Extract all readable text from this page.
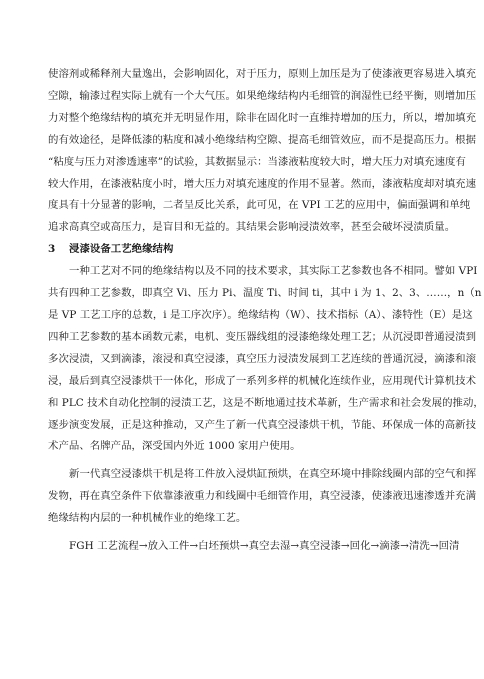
使溶剂或稀释剂大量逸出，会影响固化，对于压力，原则上加压是为了使漆液更容易进入填充
空隙，输漆过程实际上就有一个大气压。如果绝缘结构内毛细管的润湿性已经平衡，则增加压
力对整个绝缘结构的填充并无明显作用，除非在固化时一直维持增加的压力，所以，增加填充
的有效途径，是降低漆的粘度和减小绝缘结构空隙、提高毛细管效应，而不是提高压力。根据
“粘度与压力对渗透速率”的试验，其数据显示：当漆液粘度较大时，增大压力对填充速度有
较大作用，在漆液粘度小时，增大压力对填充速度的作用不显著。然而，漆液粘度却对填充速
度具有十分显著的影响，二者呈反比关系，此可见，在 VPI 工艺的应用中，偏面强调和单纯
追求高真空或高压力，是盲目和无益的。其结果会影响浸渍效率，甚至会破坏浸渍质量。
3 浸漆设备工艺绝缘结构
一种工艺对不同的绝缘结构以及不同的技术要求，其实际工艺参数也各不相同。譬如 VPI
共有四种工艺参数，即真空 Vi、压力 Pi、温度 Ti、时间 ti，其中 i 为 1、2、3、……，n（n
是 VP 工艺工序的总数，i 是工序次序）。绝缘结构（W）、技术指标（A）、漆特性（E）是这
四种工艺参数的基本函数元素，电机、变压器线组的浸漆绝缘处理工艺；从沉浸即普通浸渍到
多次浸渍，又到滴漆，滚浸和真空浸漆，真空压力浸渍发展到工艺连续的普通沉浸，滴漆和滚
浸，最后到真空浸漆烘干一体化，形成了一系列多样的机械化连续作业，应用现代计算机技术
和 PLC 技术自动化控制的浸渍工艺，这是不断地通过技术革新，生产需求和社会发展的推动，
逐步演变发展，正是这种推动，又产生了新一代真空浸漆烘干机，节能、环保成一体的高新技
术产品、名牌产品，深受国内外近 1000 家用户使用。
新一代真空浸漆烘干机是将工件放入浸烘缸预烘，在真空环境中排除线圈内部的空气和挥
发物，再在真空条件下依靠漆液重力和线圈中毛细管作用，真空浸漆，使漆液迅速渗透并充满
绝缘结构内层的一种机械作业的绝缘工艺。
FGH 工艺流程→放入工件→白坯预烘→真空去湿→真空浸漆→回化→滴漆→清洗→回清
